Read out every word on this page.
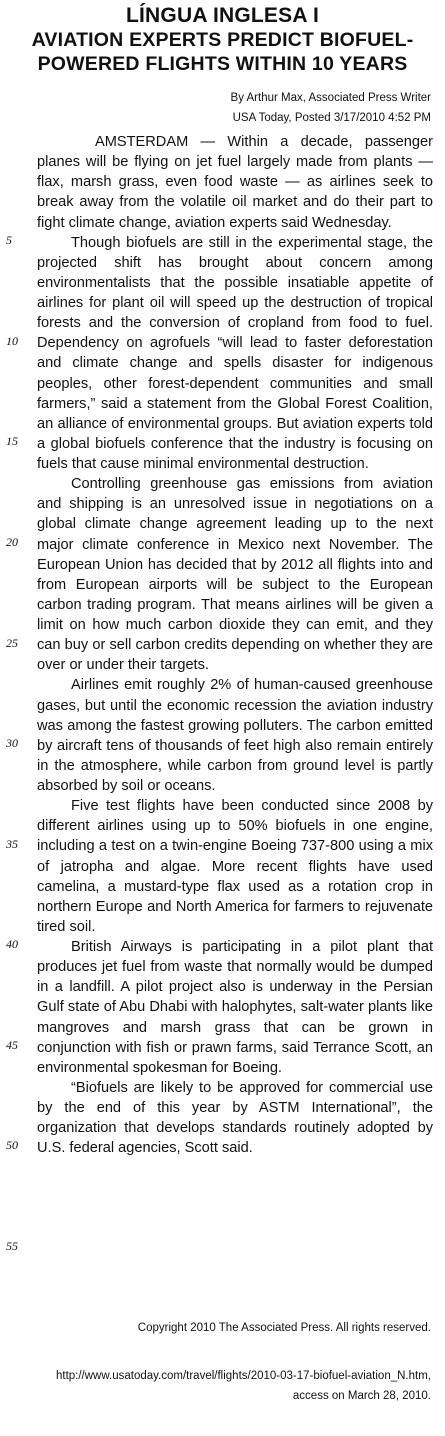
LÍNGUA INGLESA I
AVIATION EXPERTS PREDICT BIOFUEL-
POWERED FLIGHTS WITHIN 10 YEARS
By Arthur Max, Associated Press Writer
USA Today, Posted 3/17/2010 4:52 PM
5
10
15
20
25
30
35
40
45
50
55

AMSTERDAM — Within a decade, passenger planes will be flying on jet fuel largely made from plants — flax, marsh grass, even food waste — as airlines seek to break away from the volatile oil market and do their part to fight climate change, aviation experts said Wednesday.

Though biofuels are still in the experimental stage, the projected shift has brought about concern among environmentalists that the possible insatiable appetite of airlines for plant oil will speed up the destruction of tropical forests and the conversion of cropland from food to fuel. Dependency on agrofuels “will lead to faster deforestation and climate change and spells disaster for indigenous peoples, other forest-dependent communities and small farmers,” said a statement from the Global Forest Coalition, an alliance of environmental groups. But aviation experts told a global biofuels conference that the industry is focusing on fuels that cause minimal environmental destruction.

Controlling greenhouse gas emissions from aviation and shipping is an unresolved issue in negotiations on a global climate change agreement leading up to the next major climate conference in Mexico next November. The European Union has decided that by 2012 all flights into and from European airports will be subject to the European carbon trading program. That means airlines will be given a limit on how much carbon dioxide they can emit, and they can buy or sell carbon credits depending on whether they are over or under their targets.

Airlines emit roughly 2% of human-caused greenhouse gases, but until the economic recession the aviation industry was among the fastest growing polluters. The carbon emitted by aircraft tens of thousands of feet high also remain entirely in the atmosphere, while carbon from ground level is partly absorbed by soil or oceans.

Five test flights have been conducted since 2008 by different airlines using up to 50% biofuels in one engine, including a test on a twin-engine Boeing 737-800 using a mix of jatropha and algae. More recent flights have used camelina, a mustard-type flax used as a rotation crop in northern Europe and North America for farmers to rejuvenate tired soil.

British Airways is participating in a pilot plant that produces jet fuel from waste that normally would be dumped in a landfill. A pilot project also is underway in the Persian Gulf state of Abu Dhabi with halophytes, salt-water plants like mangroves and marsh grass that can be grown in conjunction with fish or prawn farms, said Terrance Scott, an environmental spokesman for Boeing.

“Biofuels are likely to be approved for commercial use by the end of this year by ASTM International”, the organization that develops standards routinely adopted by U.S. federal agencies, Scott said.

Copyright 2010 The Associated Press. All rights reserved.
http://www.usatoday.com/travel/flights/2010-03-17-biofuel-aviation_N.htm, access on March 28, 2010.
